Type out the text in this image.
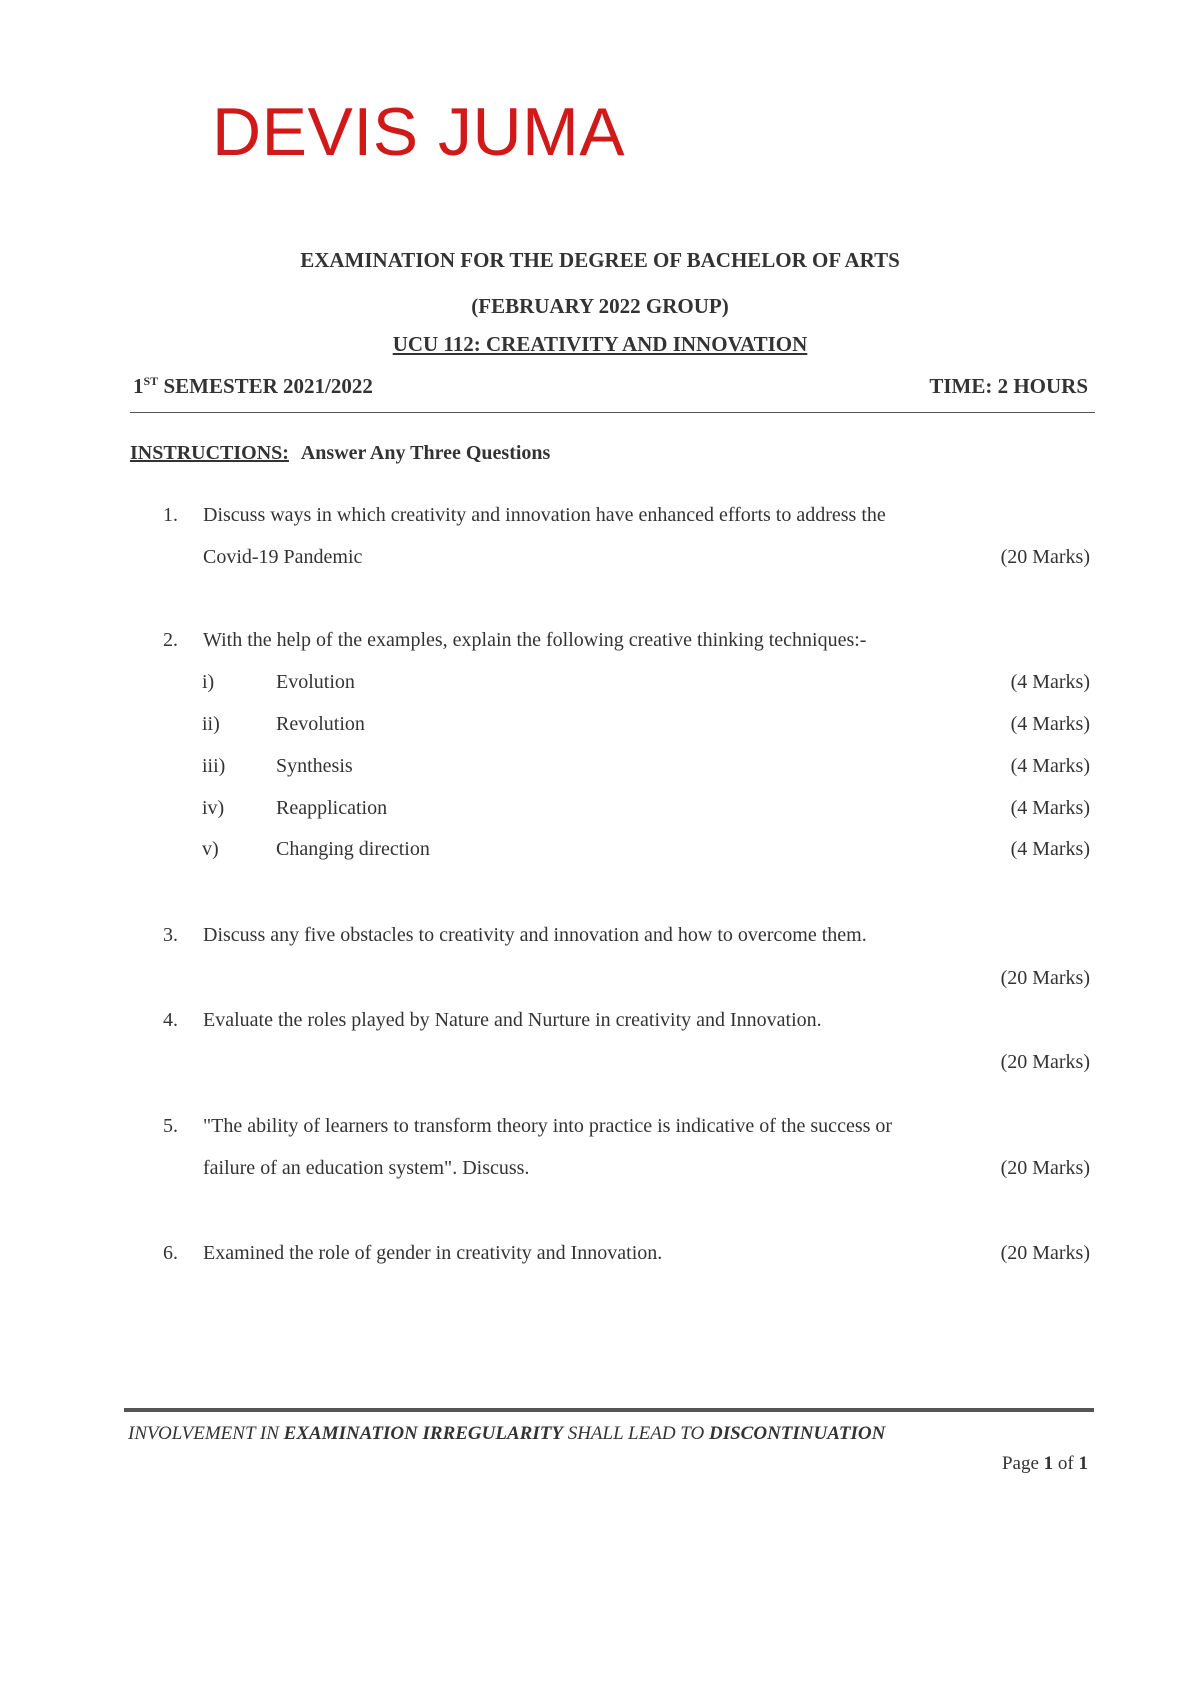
DEVIS JUMA
EXAMINATION FOR THE DEGREE OF BACHELOR OF ARTS
(FEBRUARY 2022 GROUP)
UCU 112: CREATIVITY AND INNOVATION
1ST SEMESTER 2021/2022	TIME: 2 HOURS
INSTRUCTIONS: Answer Any Three Questions
1. Discuss ways in which creativity and innovation have enhanced efforts to address the
Covid-19 Pandemic	(20 Marks)
2. With the help of the examples, explain the following creative thinking techniques:-
i)	Evolution	(4 Marks)
ii)	Revolution	(4 Marks)
iii)	Synthesis	(4 Marks)
iv)	Reapplication	(4 Marks)
v)	Changing direction	(4 Marks)
3. Discuss any five obstacles to creativity and innovation and how to overcome them.
(20 Marks)
4. Evaluate the roles played by Nature and Nurture in creativity and Innovation.
(20 Marks)
5. "The ability of learners to transform theory into practice is indicative of the success or
failure of an education system". Discuss.	(20 Marks)
6. Examined the role of gender in creativity and Innovation.	(20 Marks)
INVOLVEMENT IN EXAMINATION IRREGULARITY SHALL LEAD TO DISCONTINUATION
Page 1 of 1
